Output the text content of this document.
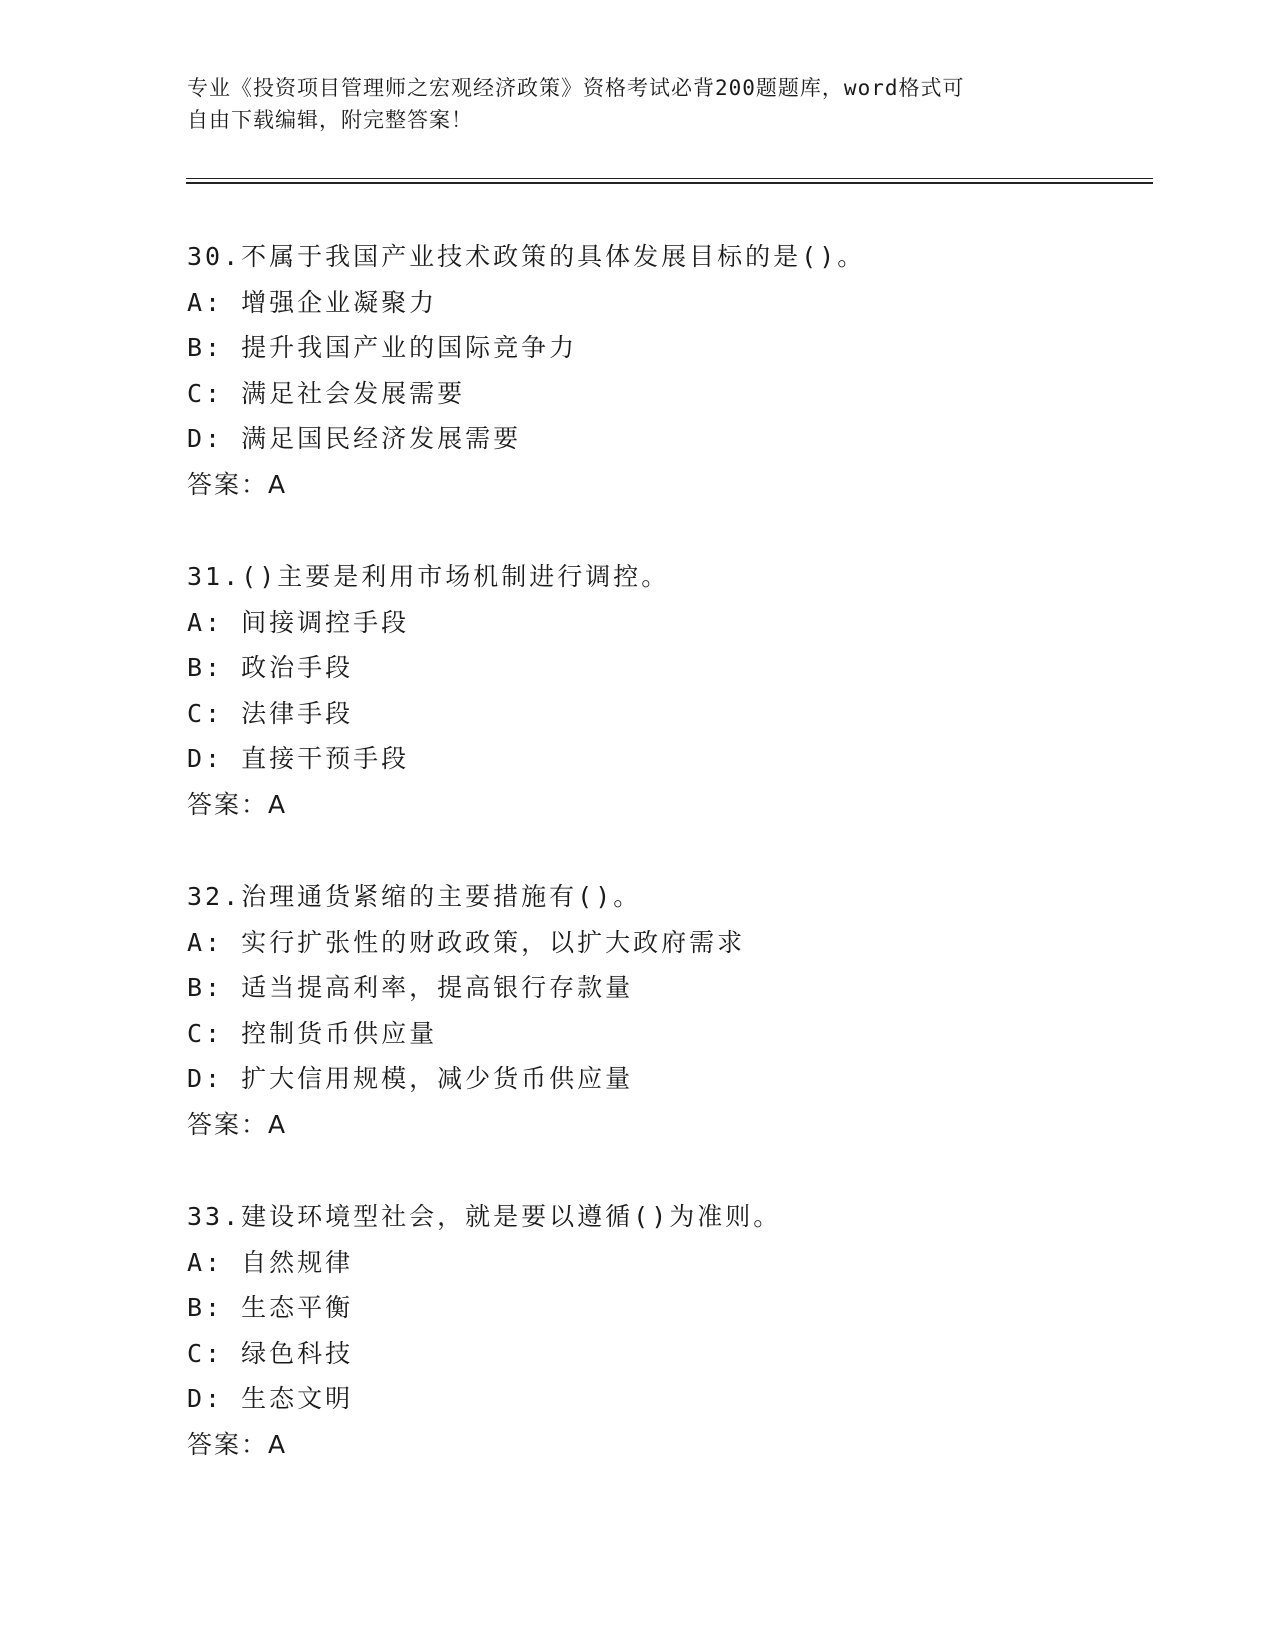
专业《投资项目管理师之宏观经济政策》资格考试必背200题题库，word格式可
自由下载编辑，附完整答案！
30.不属于我国产业技术政策的具体发展目标的是()。
A: 增强企业凝聚力
B: 提升我国产业的国际竞争力
C: 满足社会发展需要
D: 满足国民经济发展需要
答案：A
31.()主要是利用市场机制进行调控。
A: 间接调控手段
B: 政治手段
C: 法律手段
D: 直接干预手段
答案：A
32.治理通货紧缩的主要措施有()。
A: 实行扩张性的财政政策，以扩大政府需求
B: 适当提高利率，提高银行存款量
C: 控制货币供应量
D: 扩大信用规模，减少货币供应量
答案：A
33.建设环境型社会，就是要以遵循()为准则。
A: 自然规律
B: 生态平衡
C: 绿色科技
D: 生态文明
答案：A
